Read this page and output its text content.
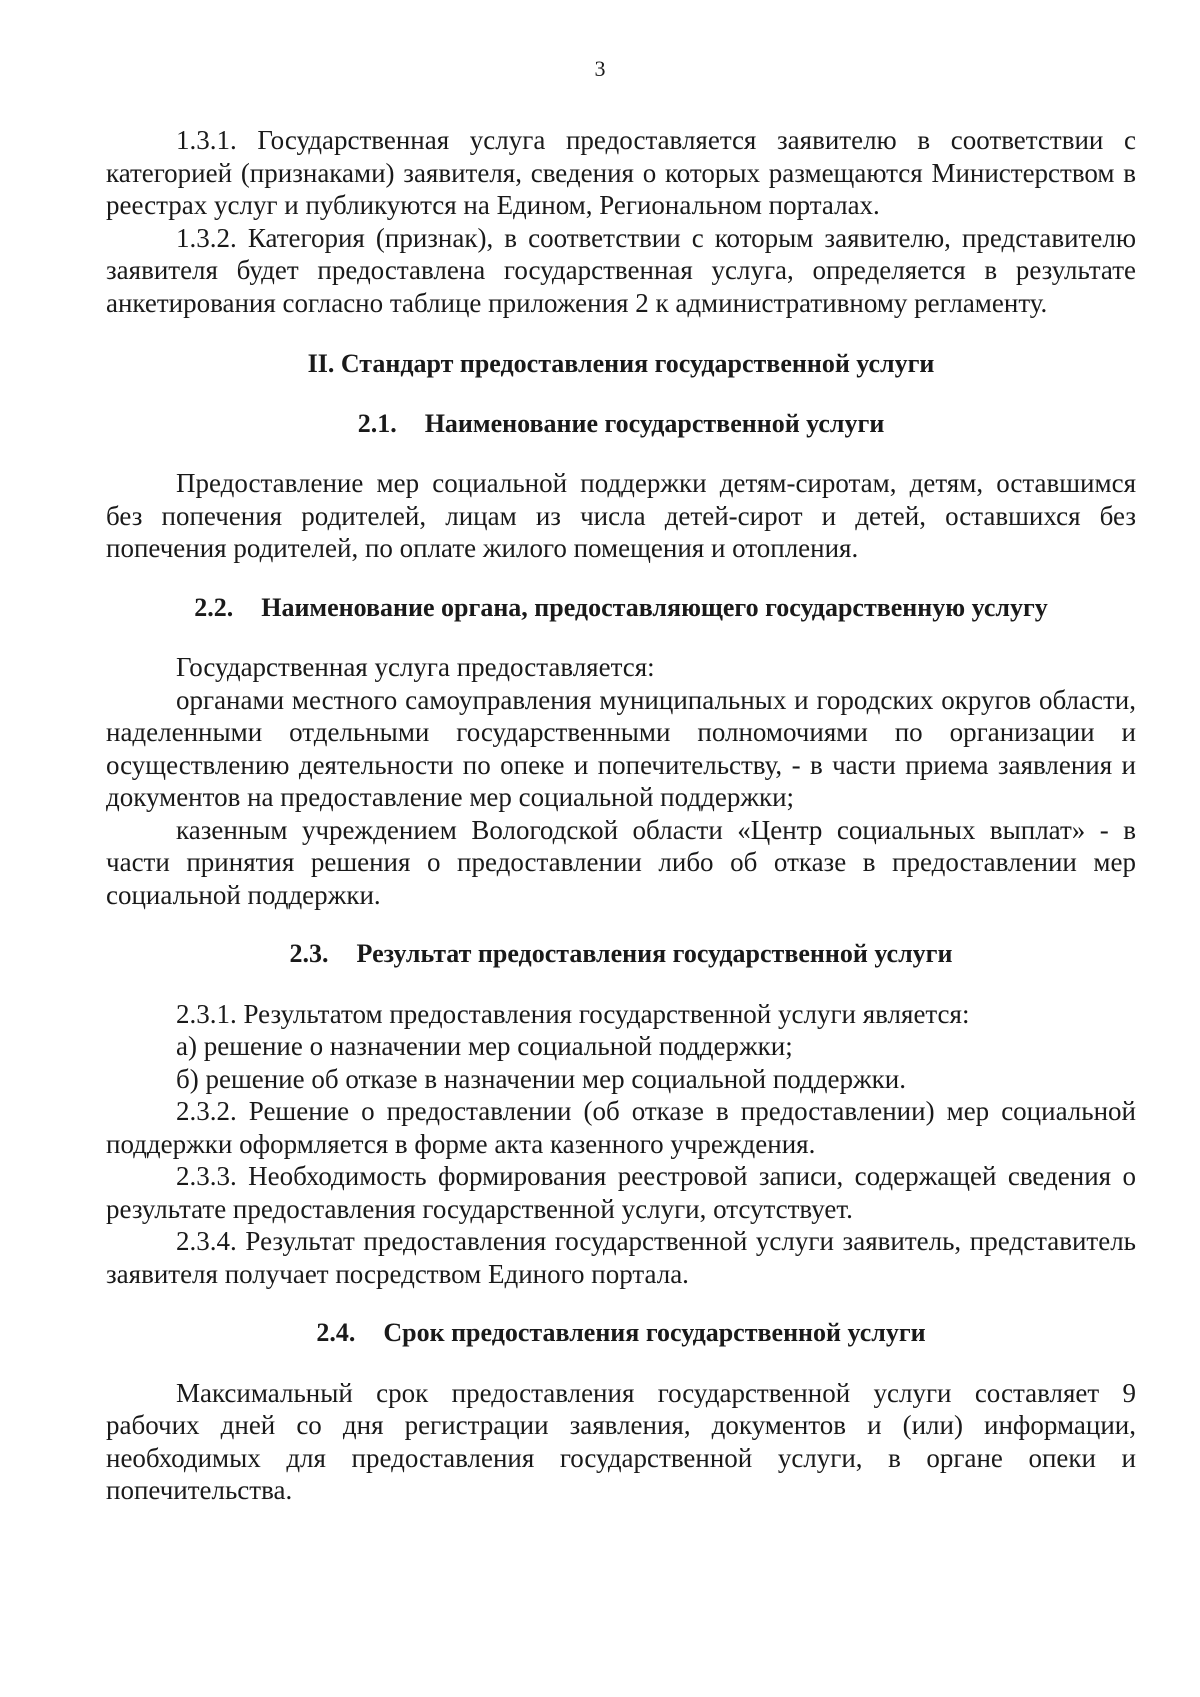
3

1.3.1. Государственная услуга предоставляется заявителю в соответствии с категорией (признаками) заявителя, сведения о которых размещаются Министерством в реестрах услуг и публикуются на Едином, Региональном порталах.

1.3.2. Категория (признак), в соответствии с которым заявителю, представителю заявителя будет предоставлена государственная услуга, определяется в результате анкетирования согласно таблице приложения 2 к административному регламенту.

II. Стандарт предоставления государственной услуги
2.1. Наименование государственной услуги

Предоставление мер социальной поддержки детям-сиротам, детям, оставшимся без попечения родителей, лицам из числа детей-сирот и детей, оставшихся без попечения родителей, по оплате жилого помещения и отопления.

2.2. Наименование органа, предоставляющего государственную услугу

Государственная услуга предоставляется:

органами местного самоуправления муниципальных и городских округов области, наделенными отдельными государственными полномочиями по организации и осуществлению деятельности по опеке и попечительству, - в части приема заявления и документов на предоставление мер социальной поддержки;

казенным учреждением Вологодской области «Центр социальных выплат» - в части принятия решения о предоставлении либо об отказе в предоставлении мер социальной поддержки.

2.3. Результат предоставления государственной услуги

2.3.1. Результатом предоставления государственной услуги является:

а) решение о назначении мер социальной поддержки;

б) решение об отказе в назначении мер социальной поддержки.

2.3.2. Решение о предоставлении (об отказе в предоставлении) мер социальной поддержки оформляется в форме акта казенного учреждения.

2.3.3. Необходимость формирования реестровой записи, содержащей сведения о результате предоставления государственной услуги, отсутствует.

2.3.4. Результат предоставления государственной услуги заявитель, представитель заявителя получает посредством Единого портала.

2.4. Срок предоставления государственной услуги

Максимальный срок предоставления государственной услуги составляет 9 рабочих дней со дня регистрации заявления, документов и (или) информации, необходимых для предоставления государственной услуги, в органе опеки и попечительства.
